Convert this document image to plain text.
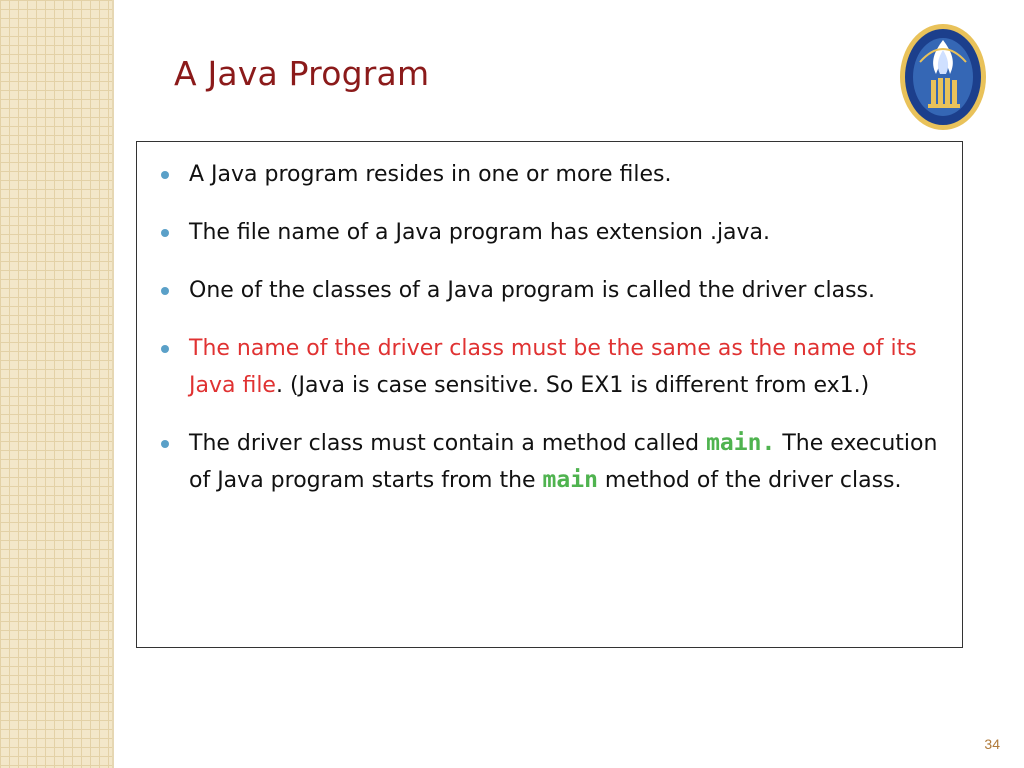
A Java Program
A Java program resides in one or more files.
The file name of a Java program has extension .java.
One of the classes of a Java program is called the driver class.
The name of the driver class must be the same as the name of its Java file. (Java is case sensitive. So EX1 is different from ex1.)
The driver class must contain a method called main. The execution of Java program starts from the main method of the driver class.
34
